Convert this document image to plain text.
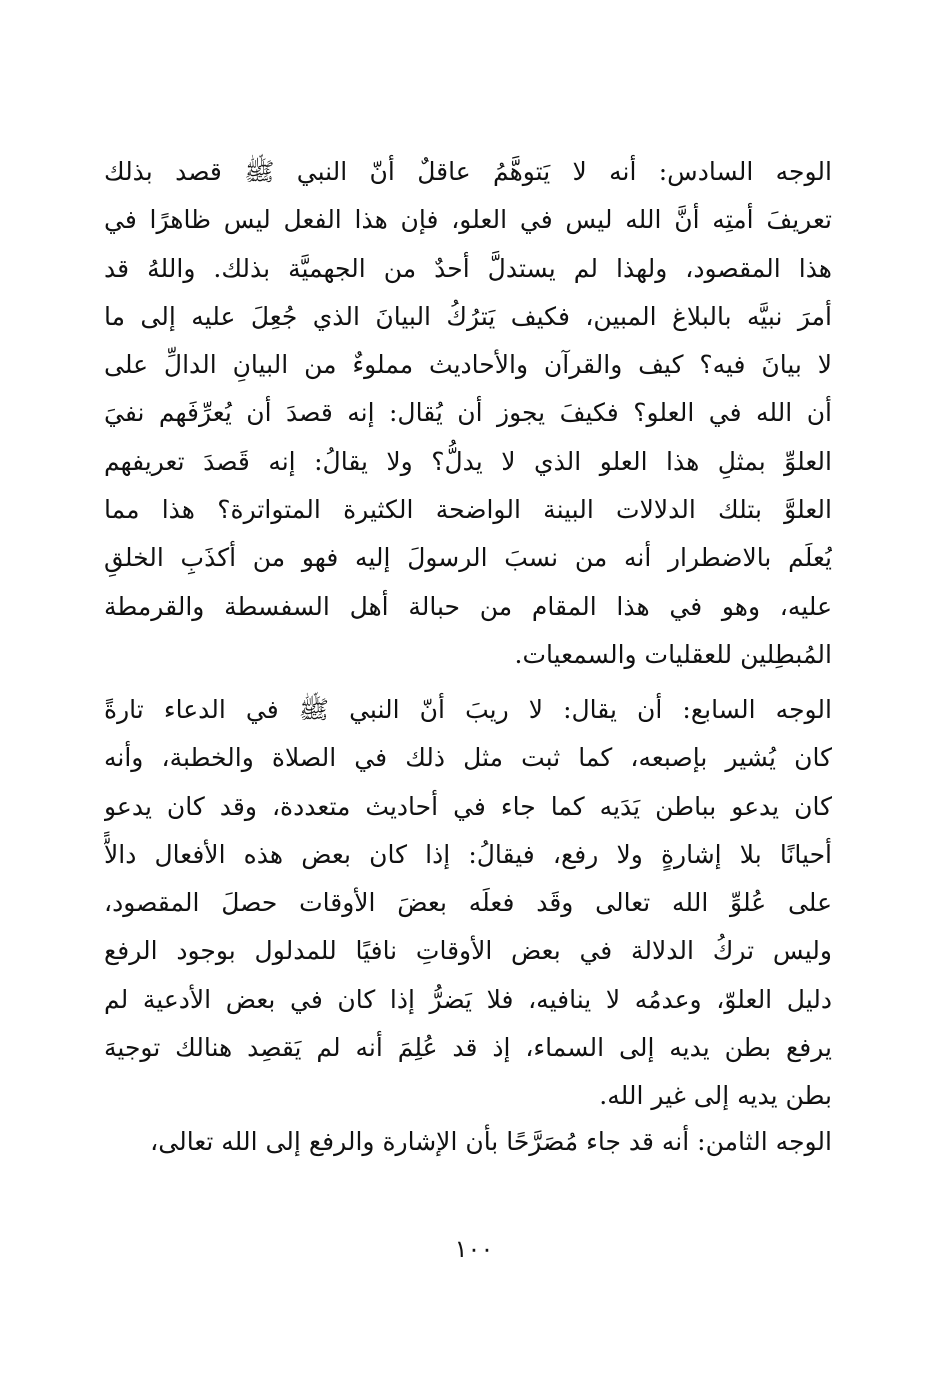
الوجه السادس: أنه لا يَتوهَّمُ عاقلٌ أنّ النبي ﷺ قصد بذلك
تعريفَ أمتِه أنَّ الله ليس في العلو، فإن هذا الفعل ليس ظاهرًا في
هذا المقصود، ولهذا لم يستدلَّ أحدٌ من الجهميَّة بذلك. واللهُ قد
أمرَ نبيَّه بالبلاغ المبين، فكيف يَترُكُ البيانَ الذي جُعِلَ عليه إلى ما
لا بيانَ فيه؟ كيف والقرآن والأحاديث مملوءٌ من البيانِ الدالِّ على
أن الله في العلو؟ فكيفَ يجوز أن يُقال: إنه قصدَ أن يُعرِّفَهم نفيَ
العلوِّ بمثلِ هذا العلو الذي لا يدلُّ؟ ولا يقالُ: إنه قَصدَ تعريفهم
العلوَّ بتلك الدلالات البينة الواضحة الكثيرة المتواترة؟ هذا مما
يُعلَم بالاضطرار أنه من نسبَ الرسولَ إليه فهو من أكذَبِ الخلقِ
عليه، وهو في هذا المقام من حبالة أهل السفسطة والقرمطة
المُبطِلين للعقليات والسمعيات.
الوجه السابع: أن يقال: لا ريبَ أنّ النبي ﷺ في الدعاء تارةً
كان يُشير بإصبعه، كما ثبت مثل ذلك في الصلاة والخطبة، وأنه
كان يدعو بباطن يَدَيه كما جاء في أحاديث متعددة، وقد كان يدعو
أحيانًا بلا إشارةٍ ولا رفع، فيقالُ: إذا كان بعض هذه الأفعال دالاًّ
على عُلوِّ الله تعالى وقَد فعلَه بعضَ الأوقات حصلَ المقصود،
وليس تركُ الدلالة في بعض الأوقاتِ نافيًا للمدلول بوجود الرفع
دليل العلوّ، وعدمُه لا ينافيه، فلا يَضرُّ إذا كان في بعض الأدعية لم
يرفع بطن يديه إلى السماء، إذ قد عُلِمَ أنه لم يَقصِد هنالك توجيهَ
بطن يديه إلى غير الله.
الوجه الثامن: أنه قد جاء مُصَرَّحًا بأن الإشارة والرفع إلى الله تعالى،
١٠٠
